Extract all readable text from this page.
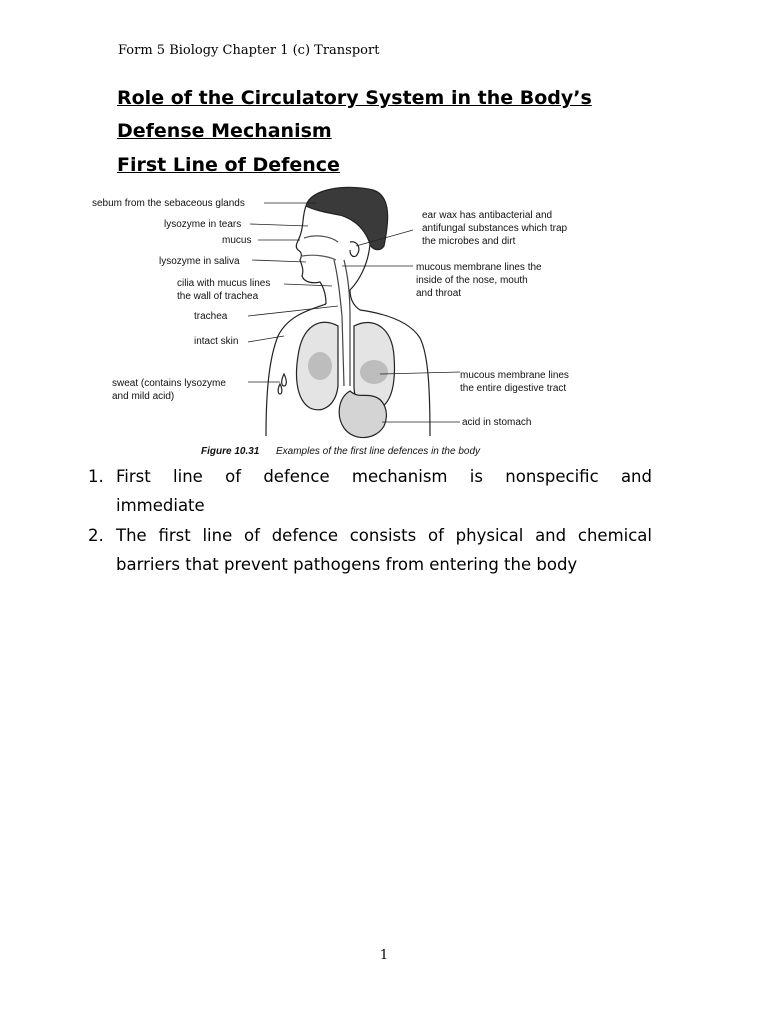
Form 5 Biology Chapter 1 (c) Transport
Role of the Circulatory System in the Body’s
Defense Mechanism
First Line of Defence
sebum from the sebaceous glands
lysozyme in tears
mucus
lysozyme in saliva
cilia with mucus lines
the wall of trachea
trachea
intact skin
sweat (contains lysozyme
and mild acid)
ear wax has antibacterial and
antifungal substances which trap
the microbes and dirt
mucous membrane lines the
inside of the nose, mouth
and throat
mucous membrane lines
the entire digestive tract
acid in stomach
Figure 10.31 Examples of the first line defences in the body
1. First line of defence mechanism is nonspecific and
immediate
2. The first line of defence consists of physical and chemical
barriers that prevent pathogens from entering the body
1
